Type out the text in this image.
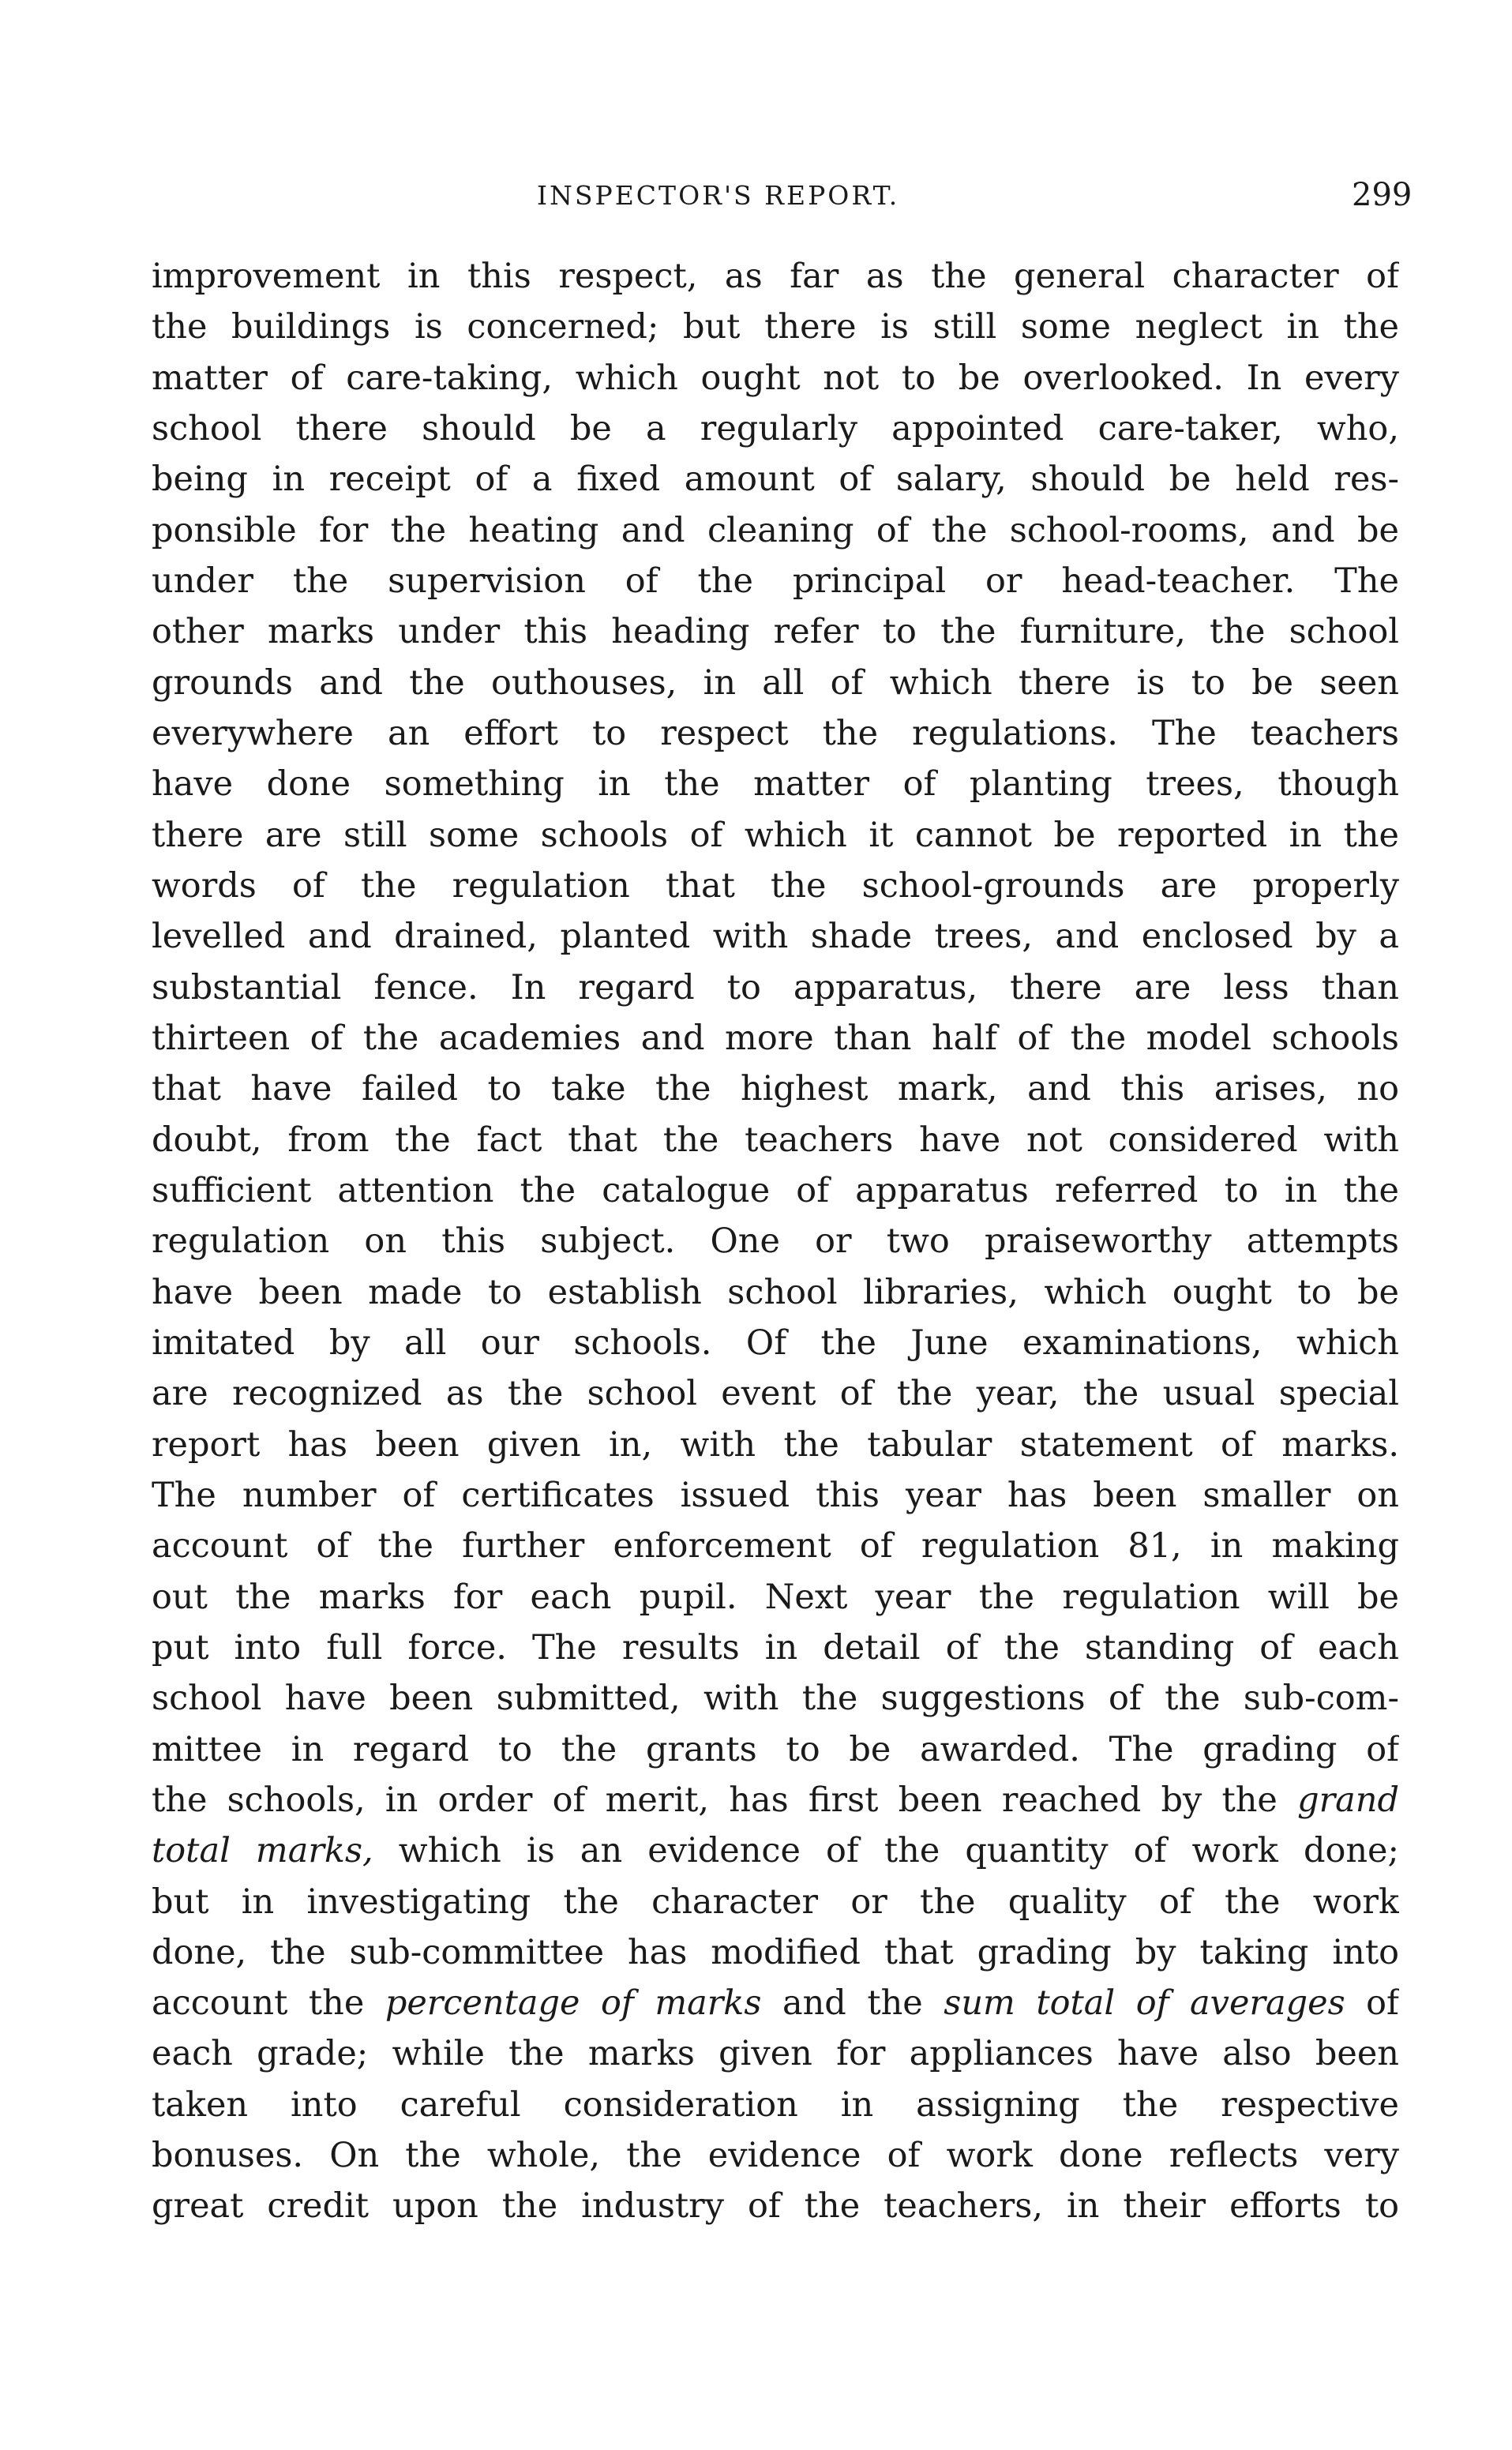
INSPECTOR'S REPORT.	299
improvement in this respect, as far as the general character of
the buildings is concerned; but there is still some neglect in the
matter of care-taking, which ought not to be overlooked. In every
school there should be a regularly appointed care-taker, who,
being in receipt of a fixed amount of salary, should be held res-
ponsible for the heating and cleaning of the school-rooms, and be
under the supervision of the principal or head-teacher. The
other marks under this heading refer to the furniture, the school
grounds and the outhouses, in all of which there is to be seen
everywhere an effort to respect the regulations. The teachers
have done something in the matter of planting trees, though
there are still some schools of which it cannot be reported in the
words of the regulation that the school-grounds are properly
levelled and drained, planted with shade trees, and enclosed by a
substantial fence. In regard to apparatus, there are less than
thirteen of the academies and more than half of the model schools
that have failed to take the highest mark, and this arises, no
doubt, from the fact that the teachers have not considered with
sufficient attention the catalogue of apparatus referred to in the
regulation on this subject. One or two praiseworthy attempts
have been made to establish school libraries, which ought to be
imitated by all our schools. Of the June examinations, which
are recognized as the school event of the year, the usual special
report has been given in, with the tabular statement of marks.
The number of certificates issued this year has been smaller on
account of the further enforcement of regulation 81, in making
out the marks for each pupil. Next year the regulation will be
put into full force. The results in detail of the standing of each
school have been submitted, with the suggestions of the sub-com-
mittee in regard to the grants to be awarded. The grading of
the schools, in order of merit, has first been reached by the grand
total marks, which is an evidence of the quantity of work done;
but in investigating the character or the quality of the work
done, the sub-committee has modified that grading by taking into
account the percentage of marks and the sum total of averages of
each grade; while the marks given for appliances have also been
taken into careful consideration in assigning the respective
bonuses. On the whole, the evidence of work done reflects very
great credit upon the industry of the teachers, in their efforts to
